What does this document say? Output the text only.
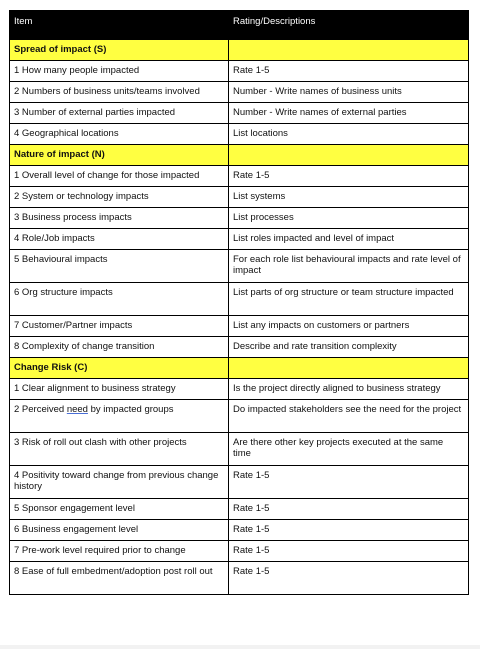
Item	Rating/Descriptions
Spread of impact (S)	
1 How many people impacted	Rate 1-5
2 Numbers of business units/teams involved	Number - Write names of business units
3 Number of external parties impacted	Number - Write names of external parties
4 Geographical locations	List locations
Nature of impact (N)	
1 Overall level of change for those impacted	Rate 1-5
2 System or technology impacts	List systems
3 Business process impacts	List processes
4 Role/Job impacts	List roles impacted and level of impact
5 Behavioural impacts	For each role list behavioural impacts and rate level of impact
6 Org structure impacts	List parts of org structure or team structure impacted
7 Customer/Partner impacts	List any impacts on customers or partners
8 Complexity of change transition	Describe and rate transition complexity
Change Risk (C)	
1 Clear alignment to business strategy	Is the project directly aligned to business strategy
2 Perceived need by impacted groups	Do impacted stakeholders see the need for the project
3 Risk of roll out clash with other projects	Are there other key projects executed at the same time
4 Positivity toward change from previous change history	Rate 1-5
5 Sponsor engagement level	Rate 1-5
6 Business engagement level	Rate 1-5
7 Pre-work level required prior to change	Rate 1-5
8 Ease of full embedment/adoption post roll out	Rate 1-5
